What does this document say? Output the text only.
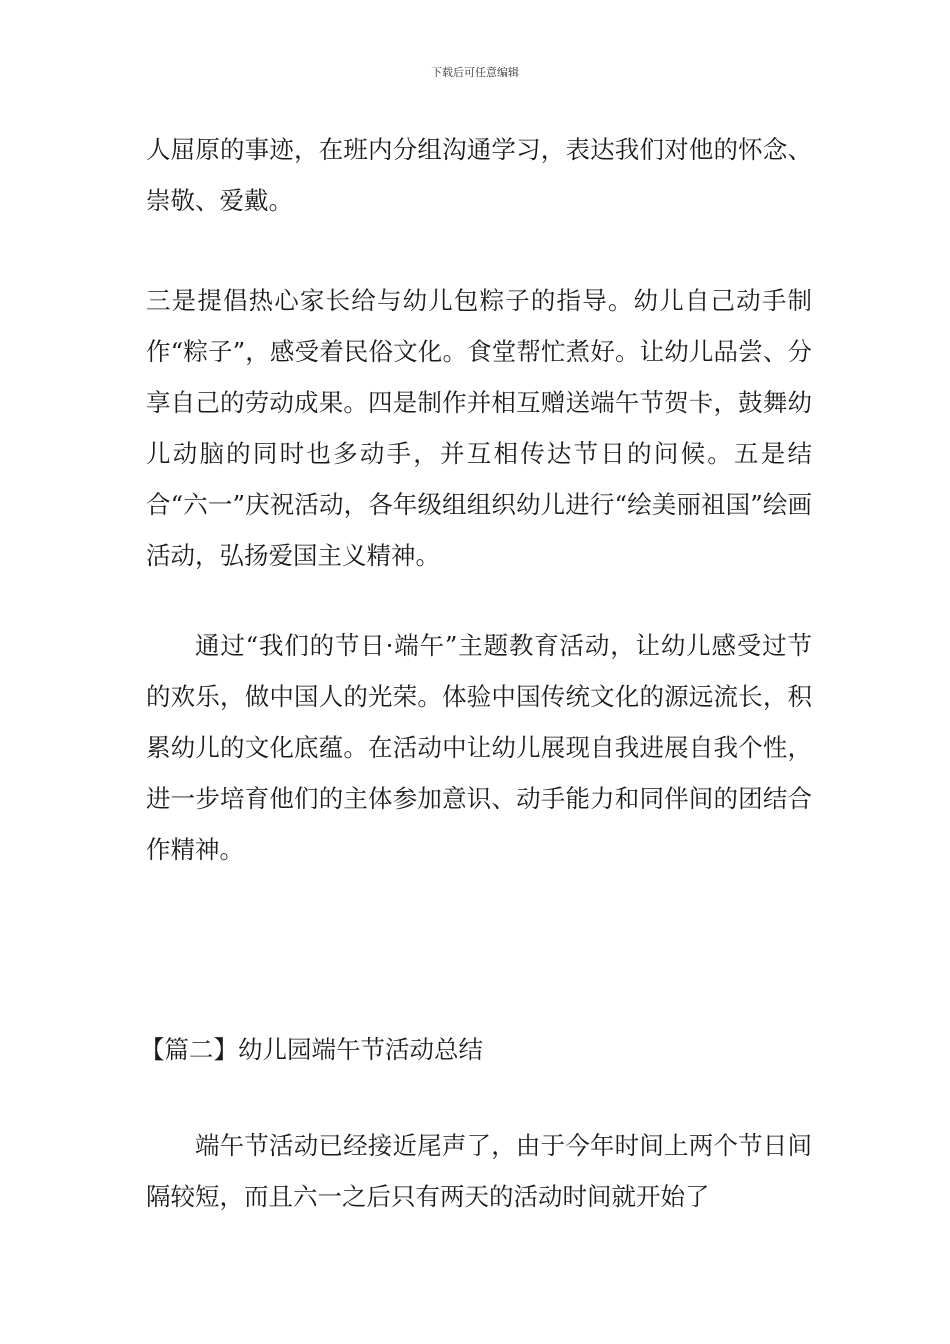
下载后可任意编辑

人屈原的事迹，在班内分组沟通学习，表达我们对他的怀念、崇敬、爱戴。

三是提倡热心家长给与幼儿包粽子的指导。幼儿自己动手制作“粽子”，感受着民俗文化。食堂帮忙煮好。让幼儿品尝、分享自己的劳动成果。四是制作并相互赠送端午节贺卡，鼓舞幼儿动脑的同时也多动手，并互相传达节日的问候。五是结合“六一”庆祝活动，各年级组组织幼儿进行“绘美丽祖国”绘画活动，弘扬爱国主义精神。

通过“我们的节日·端午”主题教育活动，让幼儿感受过节的欢乐，做中国人的光荣。体验中国传统文化的源远流长，积累幼儿的文化底蕴。在活动中让幼儿展现自我进展自我个性，进一步培育他们的主体参加意识、动手能力和同伴间的团结合作精神。

【篇二】幼儿园端午节活动总结

端午节活动已经接近尾声了，由于今年时间上两个节日间隔较短，而且六一之后只有两天的活动时间就开始了
